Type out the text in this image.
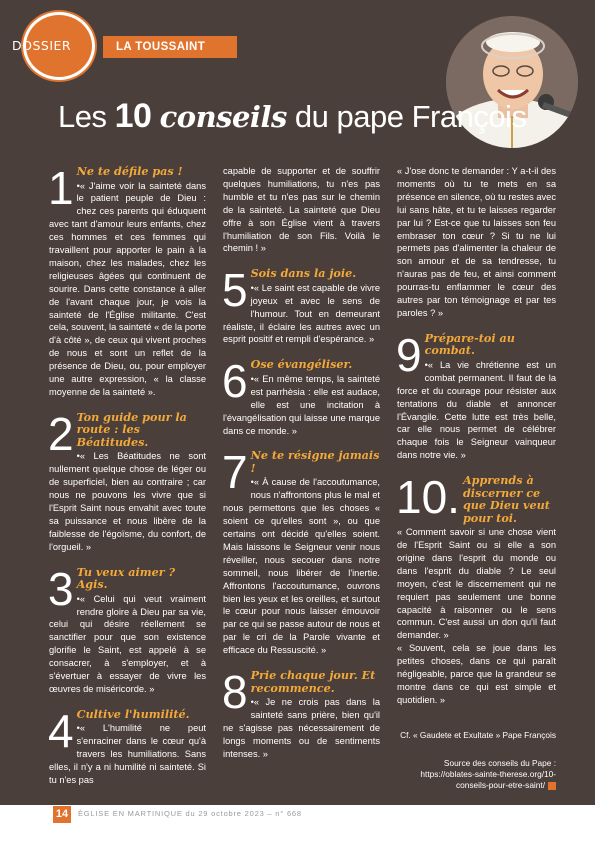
DOSSIER	LA TOUSSAINT
Les 10 conseils du pape François
1 Ne te défile pas !
• « J'aime voir la sainteté dans le patient peuple de Dieu : chez ces parents qui éduquent avec tant d'amour leurs enfants, chez ces hommes et ces femmes qui travaillent pour apporter le pain à la maison, chez les malades, chez les religieuses âgées qui continuent de sourire. Dans cette constance à aller de l'avant chaque jour, je vois la sainteté de l'Église militante. C'est cela, souvent, la sainteté « de la porte d'à côté », de ceux qui vivent proches de nous et sont un reflet de la présence de Dieu, ou, pour employer une autre expression, « la classe moyenne de la sainteté ».
2 Ton guide pour la route : les Béatitudes.
• « Les Béatitudes ne sont nullement quelque chose de léger ou de superficiel, bien au contraire ; car nous ne pouvons les vivre que si l'Esprit Saint nous envahit avec toute sa puissance et nous libère de la faiblesse de l'égoïsme, du confort, de l'orgueil. »
3 Tu veux aimer ? Agis.
• « Celui qui veut vraiment rendre gloire à Dieu par sa vie, celui qui désire réellement se sanctifier pour que son existence glorifie le Saint, est appelé à se consacrer, à s'employer, et à s'évertuer à essayer de vivre les œuvres de miséricorde. »
4 Cultive l'humilité.
• « L'humilité ne peut s'enraciner dans le cœur qu'à travers les humiliations. Sans elles, il n'y a ni humilité ni sainteté. Si tu n'es pas
capable de supporter et de souffrir quelques humiliations, tu n'es pas humble et tu n'es pas sur le chemin de la sainteté. La sainteté que Dieu offre à son Église vient à travers l'humiliation de son Fils. Voilà le chemin ! »
5 Sois dans la joie.
• « Le saint est capable de vivre joyeux et avec le sens de l'humour. Tout en demeurant réaliste, il éclaire les autres avec un esprit positif et rempli d'espérance. »
6 Ose évangéliser.
• « En même temps, la sainteté est parrhèsia : elle est audace, elle est une incitation à l'évangélisation qui laisse une marque dans ce monde. »
7 Ne te résigne jamais !
• « À cause de l'accoutumance, nous n'affrontons plus le mal et nous permettons que les choses « soient ce qu'elles sont », ou que certains ont décidé qu'elles soient. Mais laissons le Seigneur venir nous réveiller, nous secouer dans notre sommeil, nous libérer de l'inertie. Affrontons l'accoutumance, ouvrons bien les yeux et les oreilles, et surtout le cœur pour nous laisser émouvoir par ce qui se passe autour de nous et par le cri de la Parole vivante et efficace du Ressuscité. »
8 Prie chaque jour. Et recommence.
• « Je ne crois pas dans la sainteté sans prière, bien qu'il ne s'agisse pas nécessairement de longs moments ou de sentiments intenses. »
« J'ose donc te demander : Y a-t-il des moments où tu te mets en sa présence en silence, où tu restes avec lui sans hâte, et tu te laisses regarder par lui ? Est-ce que tu laisses son feu embraser ton cœur ? Si tu ne lui permets pas d'alimenter la chaleur de son amour et de sa tendresse, tu n'auras pas de feu, et ainsi comment pourras-tu enflammer le cœur des autres par ton témoignage et par tes paroles ? »
9 Prépare-toi au combat.
• « La vie chrétienne est un combat permanent. Il faut de la force et du courage pour résister aux tentations du diable et annoncer l'Évangile. Cette lutte est très belle, car elle nous permet de célébrer chaque fois le Seigneur vainqueur dans notre vie. »
10. Apprends à discerner ce que Dieu veut pour toi.
« Comment savoir si une chose vient de l'Esprit Saint ou si elle a son origine dans l'esprit du monde ou dans l'esprit du diable ? Le seul moyen, c'est le discernement qui ne requiert pas seulement une bonne capacité à raisonner ou le sens commun. C'est aussi un don qu'il faut demander. »
« Souvent, cela se joue dans les petites choses, dans ce qui paraît négligeable, parce que la grandeur se montre dans ce qui est simple et quotidien. »
Cf. « Gaudete et Exultate » Pape François
Source des conseils du Pape : https://oblates-sainte-therese.org/10-conseils-pour-etre-saint/
14	ÉGLISE EN MARTINIQUE du 29 octobre 2023 – n° 668
